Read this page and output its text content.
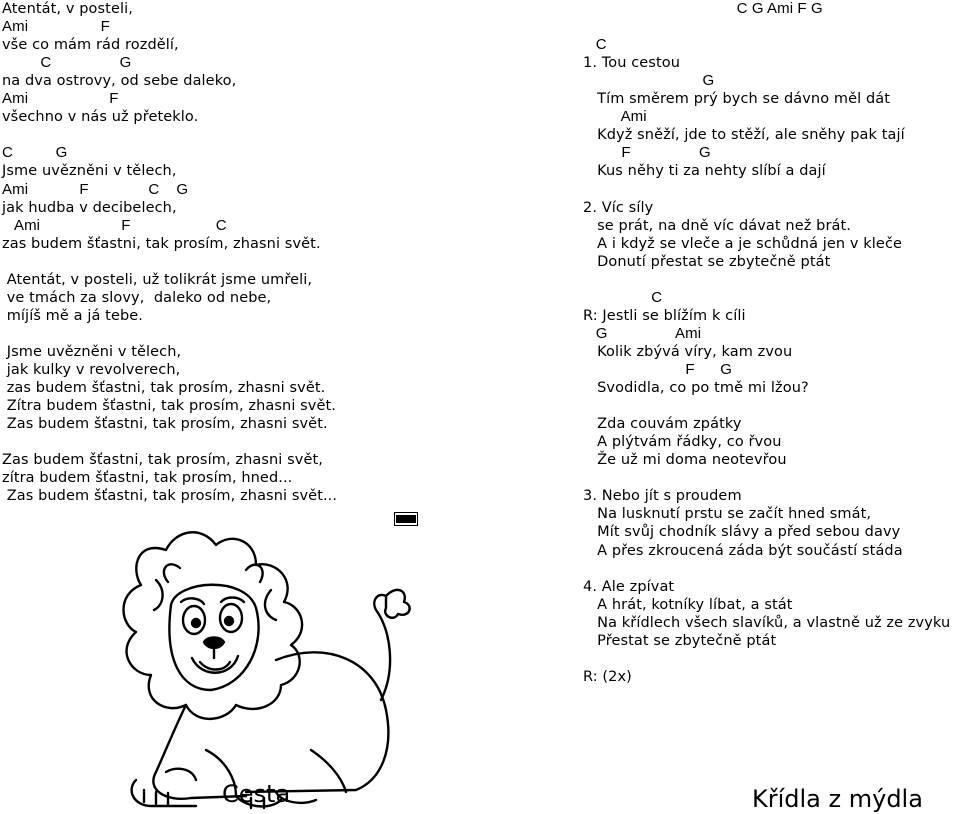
Atentát, v posteli,
Ami                 F
vše co mám rád rozdělí,
C                G
na dva ostrovy, od sebe daleko,
Ami                   F
všechno v nás už přeteklo.
C          G
Jsme uvězněni v tělech,
Ami            F              C    G
jak hudba v decibelech,
Ami                   F                    C
zas budem šťastni, tak prosím, zhasni svět.
Atentát, v posteli, už tolikrát jsme umřeli,
ve tmách za slovy,  daleko od nebe,
míjíš mě a já tebe.
Jsme uvězněni v tělech,
jak kulky v revolverech,
zas budem šťastni, tak prosím, zhasni svět.
Zítra budem šťastni, tak prosím, zhasni svět.
Zas budem šťastni, tak prosím, zhasni svět.
Zas budem šťastni, tak prosím, zhasni svět,
zítra budem šťastni, tak prosím, hned...
Zas budem šťastni, tak prosím, zhasni svět...
C G Ami F G
C
1. Tou cestou
G
Tím směrem prý bych se dávno měl dát
Ami
Když sněží, jde to stěží, ale sněhy pak tají
F                G
Kus něhy ti za nehty slíbí a dají
2. Víc síly
se prát, na dně víc dávat než brát.
A i když se vleče a je schůdná jen v kleče
Donutí přestat se zbytečně ptát
C
R: Jestli se blížím k cíli
G                Ami
Kolik zbývá víry, kam zvou
F      G
Svodidla, co po tmě mi lžou?
Zda couvám zpátky
A plýtvám řádky, co řvou
Že už mi doma neotevřou
3. Nebo jít s proudem
Na lusknutí prstu se začít hned smát,
Mít svůj chodník slávy a před sebou davy
A přes zkroucená záda být součástí stáda
4. Ale zpívat
A hrát, kotníky líbat, a stát
Na křídlech všech slavíků, a vlastně už ze zvyku
Přestat se zbytečně ptát
R: (2x)
Cesta	Křídla z mýdla
